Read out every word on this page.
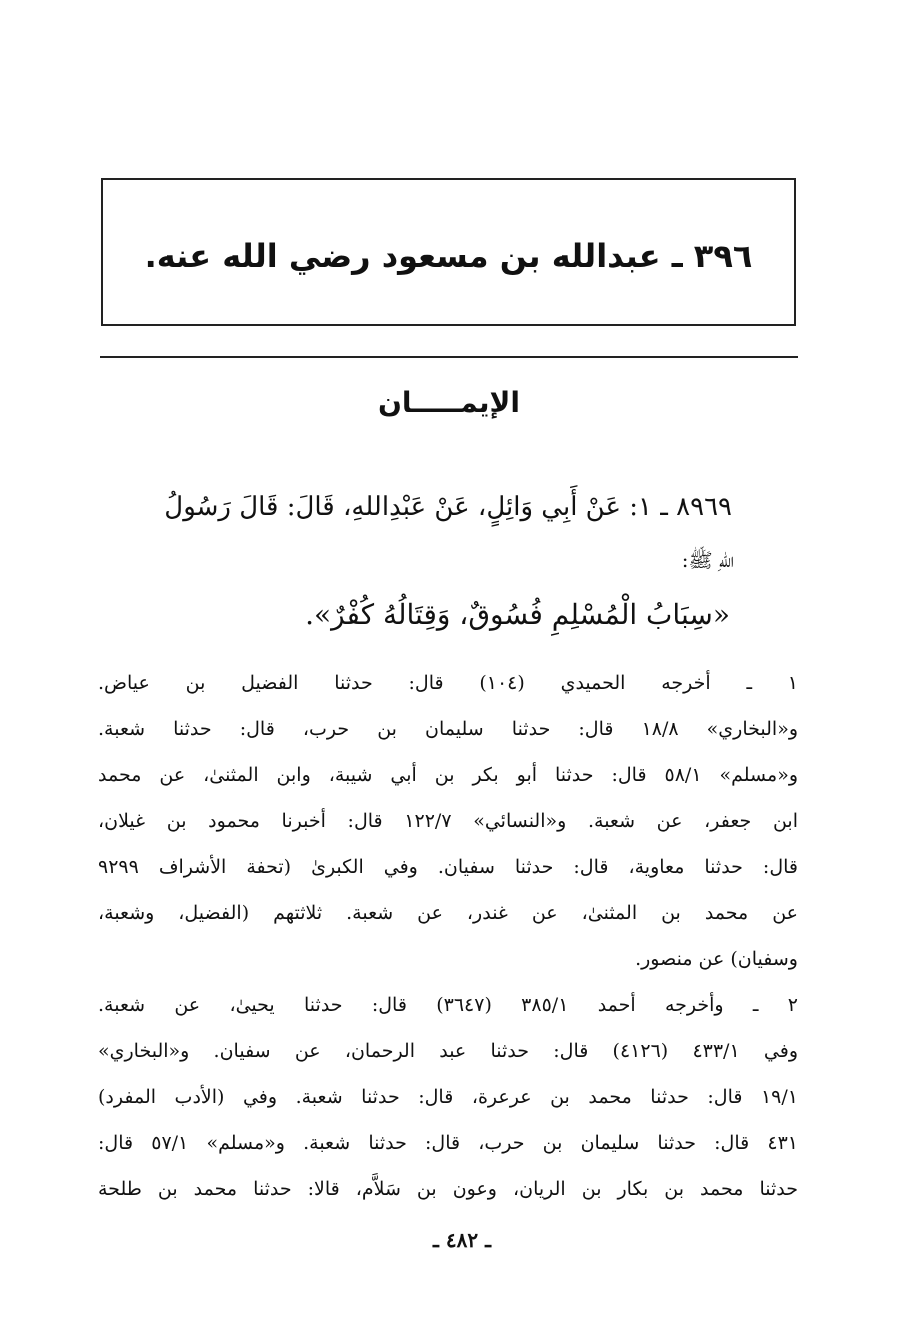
٣٩٦ ـ عبدالله بن مسعود رضي الله عنه.
الإيمـــــان
٨٩٦٩ ـ ١: عَنْ أَبِي وَائِلٍ، عَنْ عَبْدِاللهِ، قَالَ: قَالَ رَسُولُ
اللهِ ﷺ:
«سِبَابُ الْمُسْلِمِ فُسُوقٌ، وَقِتَالُهُ كُفْرٌ».
١ ـ أخرجه الحميدي (١٠٤) قال: حدثنا الفضيل بن عياض.
و«البخاري» ١٨/٨ قال: حدثنا سليمان بن حرب، قال: حدثنا شعبة.
و«مسلم» ٥٨/١ قال: حدثنا أبو بكر بن أبي شيبة، وابن المثنىٰ، عن محمد
ابن جعفر، عن شعبة. و«النسائي» ١٢٢/٧ قال: أخبرنا محمود بن غيلان،
قال: حدثنا معاوية، قال: حدثنا سفيان. وفي الكبرىٰ (تحفة الأشراف ٩٢٩٩
عن محمد بن المثنىٰ، عن غندر، عن شعبة. ثلاثتهم (الفضيل، وشعبة،
وسفيان) عن منصور.
٢ ـ وأخرجه أحمد ٣٨٥/١ (٣٦٤٧) قال: حدثنا يحيىٰ، عن شعبة.
وفي ٤٣٣/١ (٤١٢٦) قال: حدثنا عبد الرحمان، عن سفيان. و«البخاري»
١٩/١ قال: حدثنا محمد بن عرعرة، قال: حدثنا شعبة. وفي (الأدب المفرد)
٤٣١ قال: حدثنا سليمان بن حرب، قال: حدثنا شعبة. و«مسلم» ٥٧/١ قال:
حدثنا محمد بن بكار بن الريان، وعون بن سَلاَّم، قالا: حدثنا محمد بن طلحة
ـ ٤٨٢ ـ
